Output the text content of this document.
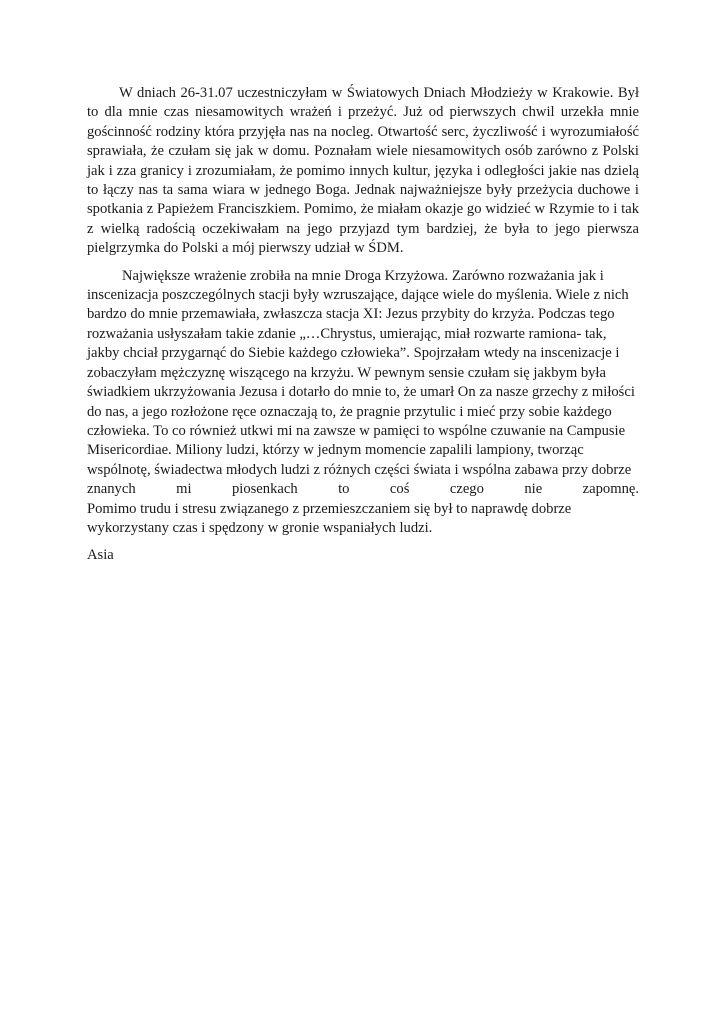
W dniach 26-31.07 uczestniczyłam w Światowych Dniach Młodzieży w Krakowie. Był to dla mnie czas niesamowitych wrażeń i przeżyć. Już od pierwszych chwil urzekła mnie gościnność rodziny która przyjęła nas na nocleg. Otwartość serc, życzliwość i wyrozumiałość sprawiała, że czułam się jak w domu. Poznałam wiele niesamowitych osób zarówno z Polski jak i zza granicy i zrozumiałam, że pomimo innych kultur, języka i odległości jakie nas dzielą to łączy nas ta sama wiara w jednego Boga. Jednak najważniejsze były przeżycia duchowe i spotkania z Papieżem Franciszkiem. Pomimo, że miałam okazje go widzieć w Rzymie to i tak z wielką radością oczekiwałam na jego przyjazd tym bardziej, że była to jego pierwsza pielgrzymka do Polski a mój pierwszy udział w ŚDM.

Największe wrażenie zrobiła na mnie Droga Krzyżowa. Zarówno rozważania jak i
inscenizacja poszczególnych stacji były wzruszające, dające wiele do myślenia. Wiele z nich
bardzo do mnie przemawiała, zwłaszcza stacja XI: Jezus przybity do krzyża. Podczas tego
rozważania usłyszałam takie zdanie „…Chrystus, umierając, miał rozwarte ramiona- tak,
jakby chciał przygarnąć do Siebie każdego człowieka”. Spojrzałam wtedy na inscenizacje i
zobaczyłam mężczyznę wiszącego na krzyżu. W pewnym sensie czułam się jakbym była
świadkiem ukrzyżowania Jezusa i dotarło do mnie to, że umarł On za nasze grzechy z miłości
do nas, a jego rozłożone ręce oznaczają to, że pragnie przytulic i mieć przy sobie każdego
człowieka. To co również utkwi mi na zawsze w pamięci to wspólne czuwanie na Campusie
Misericordiae. Miliony ludzi, którzy w jednym momencie zapalili lampiony, tworząc
wspólnotę, świadectwa młodych ludzi z różnych części świata i wspólna zabawa przy dobrze
znanych	mi	piosenkach	to	coś	czego	nie	zapomnę.
Pomimo trudu i stresu związanego z przemieszczaniem się był to naprawdę dobrze
wykorzystany czas i spędzony w gronie wspaniałych ludzi.

Asia
